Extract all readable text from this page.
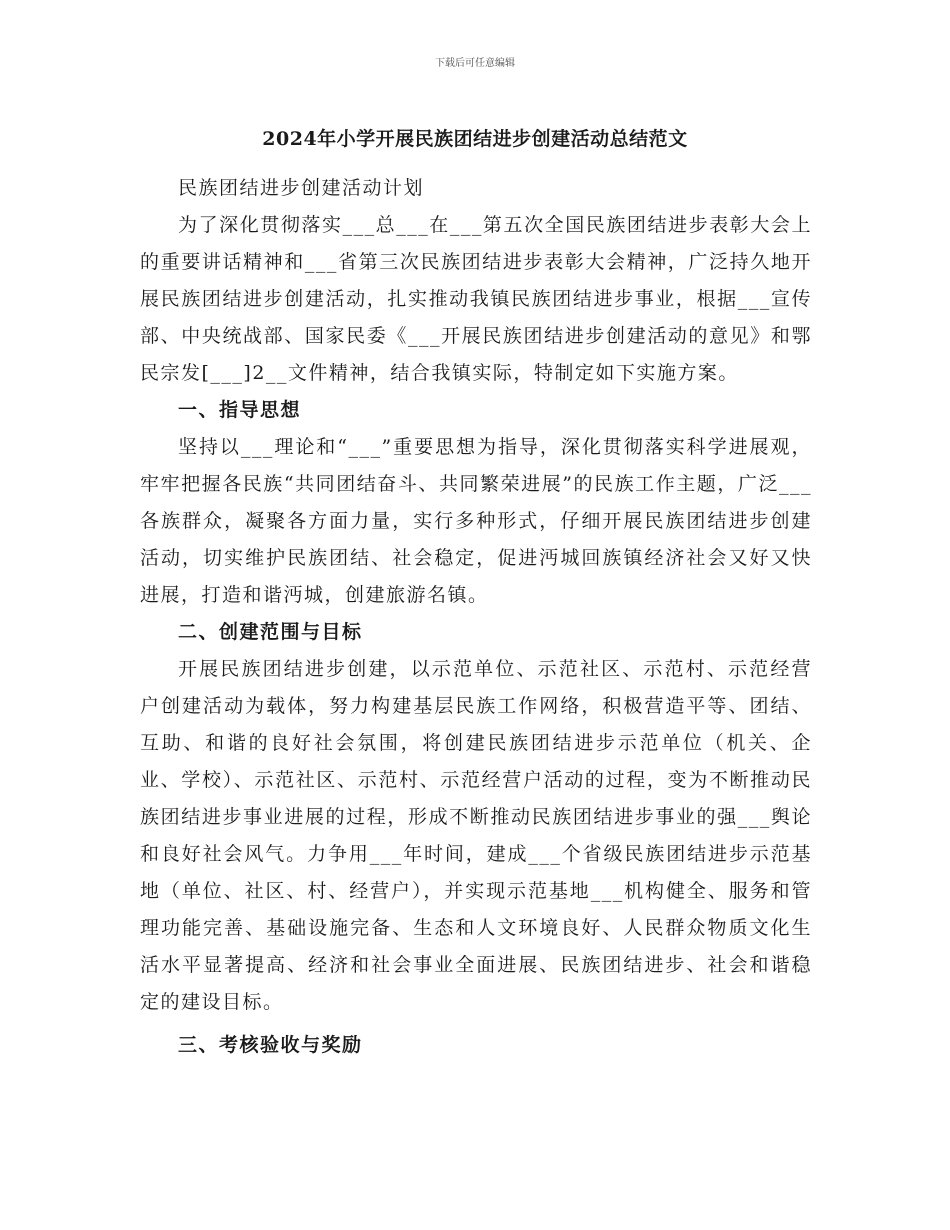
下载后可任意编辑
2024年小学开展民族团结进步创建活动总结范文

民族团结进步创建活动计划

为了深化贯彻落实___总___在___第五次全国民族团结进步表彰大会上的重要讲话精神和___省第三次民族团结进步表彰大会精神，广泛持久地开展民族团结进步创建活动，扎实推动我镇民族团结进步事业，根据___宣传部、中央统战部、国家民委《___开展民族团结进步创建活动的意见》和鄂民宗发[___]2__文件精神，结合我镇实际，特制定如下实施方案。

一、指导思想

坚持以___理论和“___”重要思想为指导，深化贯彻落实科学进展观，牢牢把握各民族“共同团结奋斗、共同繁荣进展”的民族工作主题，广泛___各族群众，凝聚各方面力量，实行多种形式，仔细开展民族团结进步创建活动，切实维护民族团结、社会稳定，促进沔城回族镇经济社会又好又快进展，打造和谐沔城，创建旅游名镇。

二、创建范围与目标

开展民族团结进步创建，以示范单位、示范社区、示范村、示范经营户创建活动为载体，努力构建基层民族工作网络，积极营造平等、团结、互助、和谐的良好社会氛围，将创建民族团结进步示范单位（机关、企业、学校）、示范社区、示范村、示范经营户活动的过程，变为不断推动民族团结进步事业进展的过程，形成不断推动民族团结进步事业的强___舆论和良好社会风气。力争用___年时间，建成___个省级民族团结进步示范基地（单位、社区、村、经营户），并实现示范基地___机构健全、服务和管理功能完善、基础设施完备、生态和人文环境良好、人民群众物质文化生活水平显著提高、经济和社会事业全面进展、民族团结进步、社会和谐稳定的建设目标。

三、考核验收与奖励
